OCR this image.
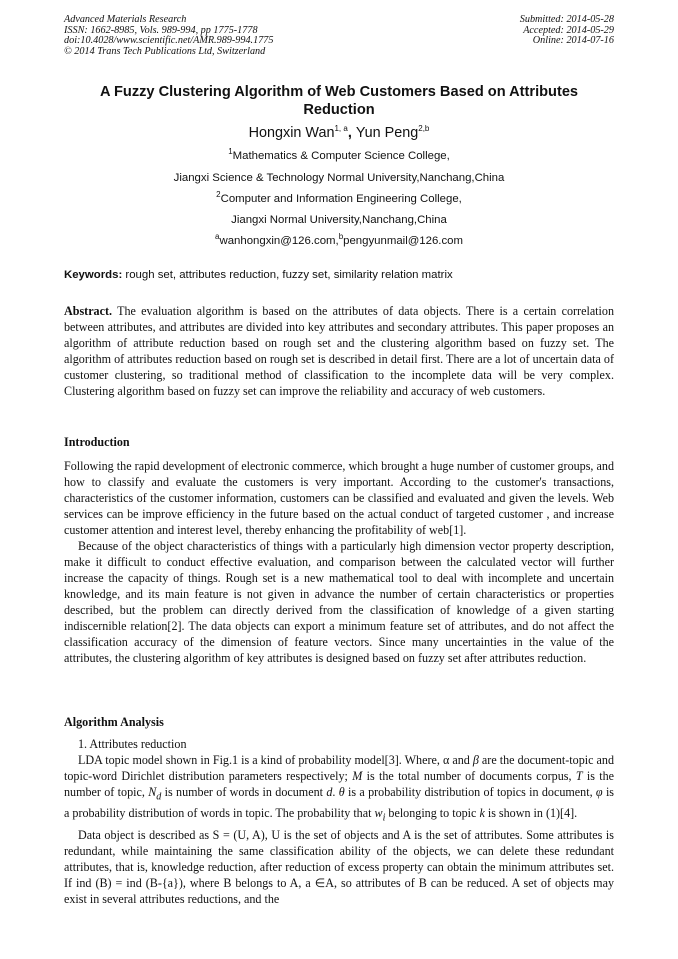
Advanced Materials Research
ISSN: 1662-8985, Vols. 989-994, pp 1775-1778
doi:10.4028/www.scientific.net/AMR.989-994.1775
© 2014 Trans Tech Publications Ltd, Switzerland
Submitted: 2014-05-28
Accepted: 2014-05-29
Online: 2014-07-16
A Fuzzy Clustering Algorithm of Web Customers Based on Attributes Reduction
Hongxin Wan$^{1, a}$, Yun Peng$^{2,b}$
$^1$Mathematics & Computer Science College,
Jiangxi Science & Technology Normal University,Nanchang,China
$^2$Computer and Information Engineering College,
Jiangxi Normal University,Nanchang,China
$^a$wanhongxin@126.com,$^b$pengyunmail@126.com
Keywords: rough set, attributes reduction, fuzzy set, similarity relation matrix

Abstract. The evaluation algorithm is based on the attributes of data objects. There is a certain correlation between attributes, and attributes are divided into key attributes and secondary attributes. This paper proposes an algorithm of attribute reduction based on rough set and the clustering algorithm based on fuzzy set. The algorithm of attributes reduction based on rough set is described in detail first. There are a lot of uncertain data of customer clustering, so traditional method of classification to the incomplete data will be very complex. Clustering algorithm based on fuzzy set can improve the reliability and accuracy of web customers.

Introduction

Following the rapid development of electronic commerce, which brought a huge number of customer groups, and how to classify and evaluate the customers is very important. According to the customer's transactions, characteristics of the customer information, customers can be classified and evaluated and given the levels. Web services can be improve efficiency in the future based on the actual conduct of targeted customer , and increase customer attention and interest level, thereby enhancing the profitability of web[1].

Because of the object characteristics of things with a particularly high dimension vector property description, make it difficult to conduct effective evaluation, and comparison between the calculated vector will further increase the capacity of things. Rough set is a new mathematical tool to deal with incomplete and uncertain knowledge, and its main feature is not given in advance the number of certain characteristics or properties described, but the problem can directly derived from the classification of knowledge of a given starting indiscernible relation[2]. The data objects can export a minimum feature set of attributes, and do not affect the classification accuracy of the dimension of feature vectors. Since many uncertainties in the value of the attributes, the clustering algorithm of key attributes is designed based on fuzzy set after attributes reduction.

Algorithm Analysis

1. Attributes reduction

LDA topic model shown in Fig.1 is a kind of probability model[3]. Where, α and β are the document-topic and topic-word Dirichlet distribution parameters respectively; M is the total number of documents corpus, T is the number of topic, $N_d$ is number of words in document d. θ is a probability distribution of topics in document, φ is a probability distribution of words in topic. The probability that $w_i$ belonging to topic k is shown in (1)[4].

Data object is described as S = (U, A), U is the set of objects and A is the set of attributes. Some attributes is redundant, while maintaining the same classification ability of the objects, we can delete these redundant attributes, that is, knowledge reduction, after reduction of excess property can obtain the minimum attributes set. If ind (B) = ind (B-{a}), where B belongs to A, a ∈A, so attributes of B can be reduced. A set of objects may exist in several attributes reductions, and the
